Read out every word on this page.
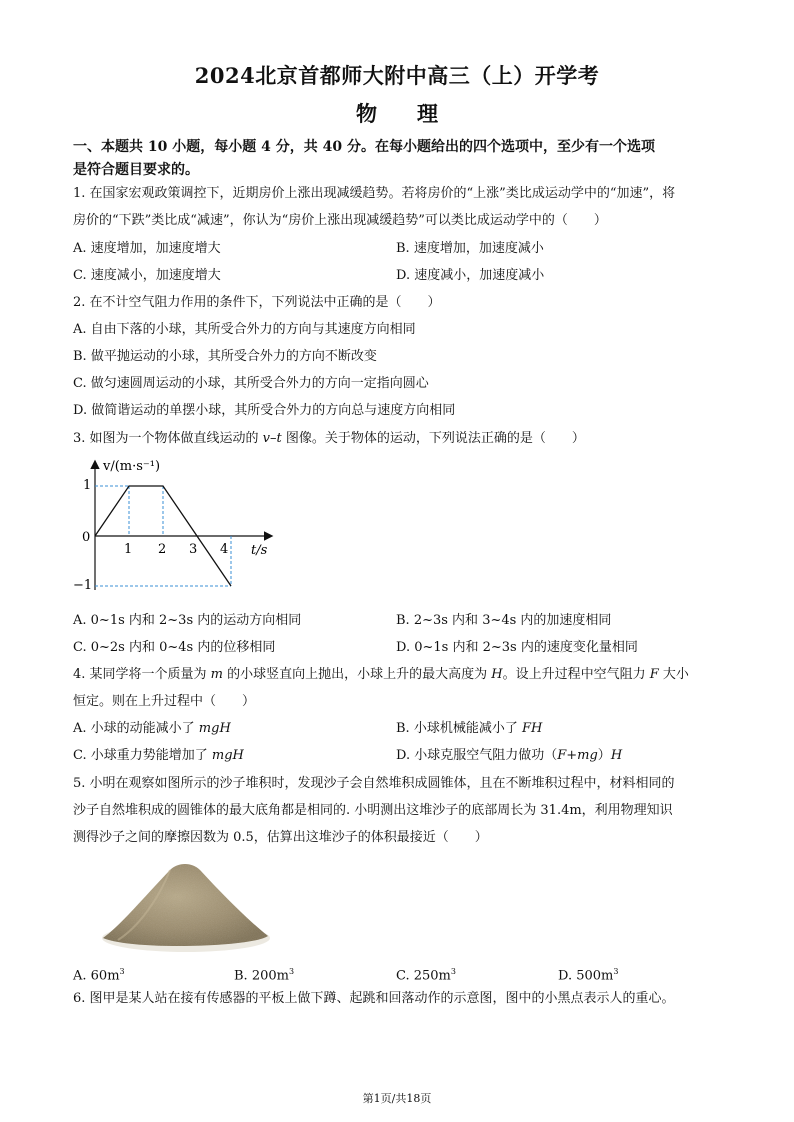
2024北京首都师大附中高三（上）开学考
物 理
一、本题共 10 小题，每小题 4 分，共 40 分。在每小题给出的四个选项中，至少有一个选项
是符合题目要求的。
1. 在国家宏观政策调控下，近期房价上涨出现减缓趋势。若将房价的“上涨”类比成运动学中的“加速”，将
房价的“下跌”类比成“减速”，你认为“房价上涨出现减缓趋势”可以类比成运动学中的（　　）
A. 速度增加，加速度增大	B. 速度增加，加速度减小
C. 速度减小，加速度增大	D. 速度减小，加速度减小
2. 在不计空气阻力作用的条件下，下列说法中正确的是（　　）
A. 自由下落的小球，其所受合外力的方向与其速度方向相同
B. 做平抛运动的小球，其所受合外力的方向不断改变
C. 做匀速圆周运动的小球，其所受合外力的方向一定指向圆心
D. 做简谐运动的单摆小球，其所受合外力的方向总与速度方向相同
3. 如图为一个物体做直线运动的 v–t 图像。关于物体的运动，下列说法正确的是（　　）
v/(m·s⁻¹)
t/s
0
1
−1
1 2 3 4
A. 0~1s 内和 2~3s 内的运动方向相同	B. 2~3s 内和 3~4s 内的加速度相同
C. 0~2s 内和 0~4s 内的位移相同	D. 0~1s 内和 2~3s 内的速度变化量相同
4. 某同学将一个质量为 m 的小球竖直向上抛出，小球上升的最大高度为 H。设上升过程中空气阻力 F 大小
恒定。则在上升过程中（　　）
A. 小球的动能减小了 mgH	B. 小球机械能减小了 FH
C. 小球重力势能增加了 mgH	D. 小球克服空气阻力做功（F+mg）H
5. 小明在观察如图所示的沙子堆积时，发现沙子会自然堆积成圆锥体，且在不断堆积过程中，材料相同的
沙子自然堆积成的圆锥体的最大底角都是相同的. 小明测出这堆沙子的底部周长为 31.4m，利用物理知识
测得沙子之间的摩擦因数为 0.5，估算出这堆沙子的体积最接近（　　）
A. $60m^3$	B. $200m^3$	C. $250m^3$	D. $500m^3$
6. 图甲是某人站在接有传感器的平板上做下蹲、起跳和回落动作的示意图，图中的小黑点表示人的重心。
第1页/共18页
